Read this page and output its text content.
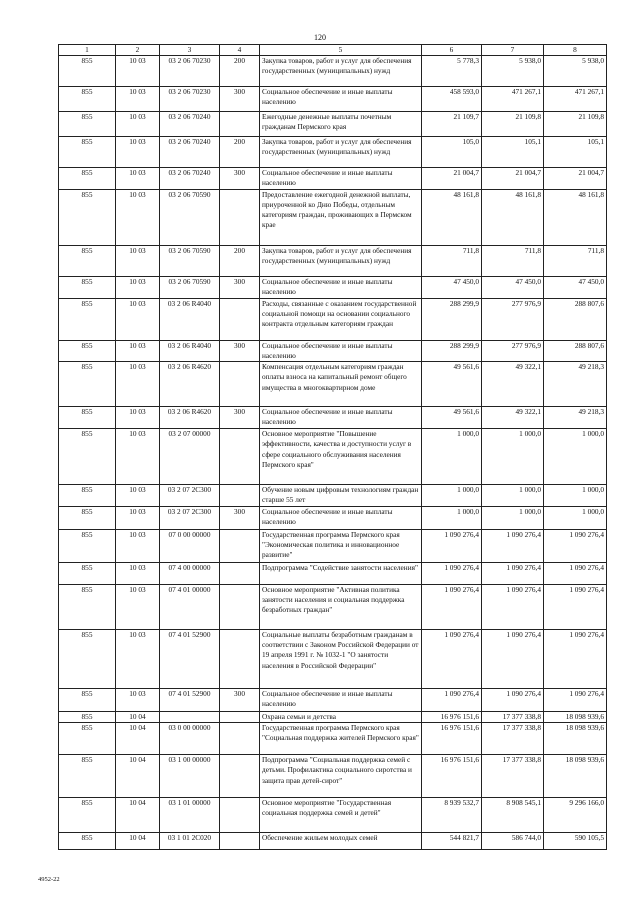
120
1	2	3	4	5	6	7	8
855	10 03	03 2 06 70230	200	Закупка товаров, работ и услуг для обеспечения государственных (муниципальных) нужд	5 778,3	5 938,0	5 938,0
855	10 03	03 2 06 70230	300	Социальное обеспечение и иные выплаты населению	458 593,0	471 267,1	471 267,1
855	10 03	03 2 06 70240		Ежегодные денежные выплаты почетным гражданам Пермского края	21 109,7	21 109,8	21 109,8
855	10 03	03 2 06 70240	200	Закупка товаров, работ и услуг для обеспечения государственных (муниципальных) нужд	105,0	105,1	105,1
855	10 03	03 2 06 70240	300	Социальное обеспечение и иные выплаты населению	21 004,7	21 004,7	21 004,7
855	10 03	03 2 06 70590		Предоставление ежегодной денежной выплаты, приуроченной ко Дню Победы, отдельным категориям граждан, проживающих в Пермском крае	48 161,8	48 161,8	48 161,8
855	10 03	03 2 06 70590	200	Закупка товаров, работ и услуг для обеспечения государственных (муниципальных) нужд	711,8	711,8	711,8
855	10 03	03 2 06 70590	300	Социальное обеспечение и иные выплаты населению	47 450,0	47 450,0	47 450,0
855	10 03	03 2 06 R4040		Расходы, связанные с оказанием государственной социальной помощи на основании социального контракта отдельным категориям граждан	288 299,9	277 976,9	288 807,6
855	10 03	03 2 06 R4040	300	Социальное обеспечение и иные выплаты населению	288 299,9	277 976,9	288 807,6
855	10 03	03 2 06 R4620		Компенсация отдельным категориям граждан оплаты взноса на капитальный ремонт общего имущества в многоквартирном доме	49 561,6	49 322,1	49 218,3
855	10 03	03 2 06 R4620	300	Социальное обеспечение и иные выплаты населению	49 561,6	49 322,1	49 218,3
855	10 03	03 2 07 00000		Основное мероприятие "Повышение эффективности, качества и доступности услуг в сфере социального обслуживания населения Пермского края"	1 000,0	1 000,0	1 000,0
855	10 03	03 2 07 2С300		Обучение новым цифровым технологиям граждан старше 55 лет	1 000,0	1 000,0	1 000,0
855	10 03	03 2 07 2С300	300	Социальное обеспечение и иные выплаты населению	1 000,0	1 000,0	1 000,0
855	10 03	07 0 00 00000		Государственная программа Пермского края "Экономическая политика и инновационное развитие"	1 090 276,4	1 090 276,4	1 090 276,4
855	10 03	07 4 00 00000		Подпрограмма "Содействие занятости населения"	1 090 276,4	1 090 276,4	1 090 276,4
855	10 03	07 4 01 00000		Основное мероприятие "Активная политика занятости населения и социальная поддержка безработных граждан"	1 090 276,4	1 090 276,4	1 090 276,4
855	10 03	07 4 01 52900		Социальные выплаты безработным гражданам в соответствии с Законом Российской Федерации от 19 апреля 1991 г. № 1032-1 "О занятости населения в Российской Федерации"	1 090 276,4	1 090 276,4	1 090 276,4
855	10 03	07 4 01 52900	300	Социальное обеспечение и иные выплаты населению	1 090 276,4	1 090 276,4	1 090 276,4
855	10 04			Охрана семьи и детства	16 976 151,6	17 377 338,8	18 098 939,6
855	10 04	03 0 00 00000		Государственная программа Пермского края "Социальная поддержка жителей Пермского края"	16 976 151,6	17 377 338,8	18 098 939,6
855	10 04	03 1 00 00000		Подпрограмма "Социальная поддержка семей с детьми. Профилактика социального сиротства и защита прав детей-сирот"	16 976 151,6	17 377 338,8	18 098 939,6
855	10 04	03 1 01 00000		Основное мероприятие "Государственная социальная поддержка семей и детей"	8 939 532,7	8 908 545,1	9 296 166,0
855	10 04	03 1 01 2С020		Обеспечение жильем молодых семей	544 821,7	586 744,0	590 105,5
4952-22
